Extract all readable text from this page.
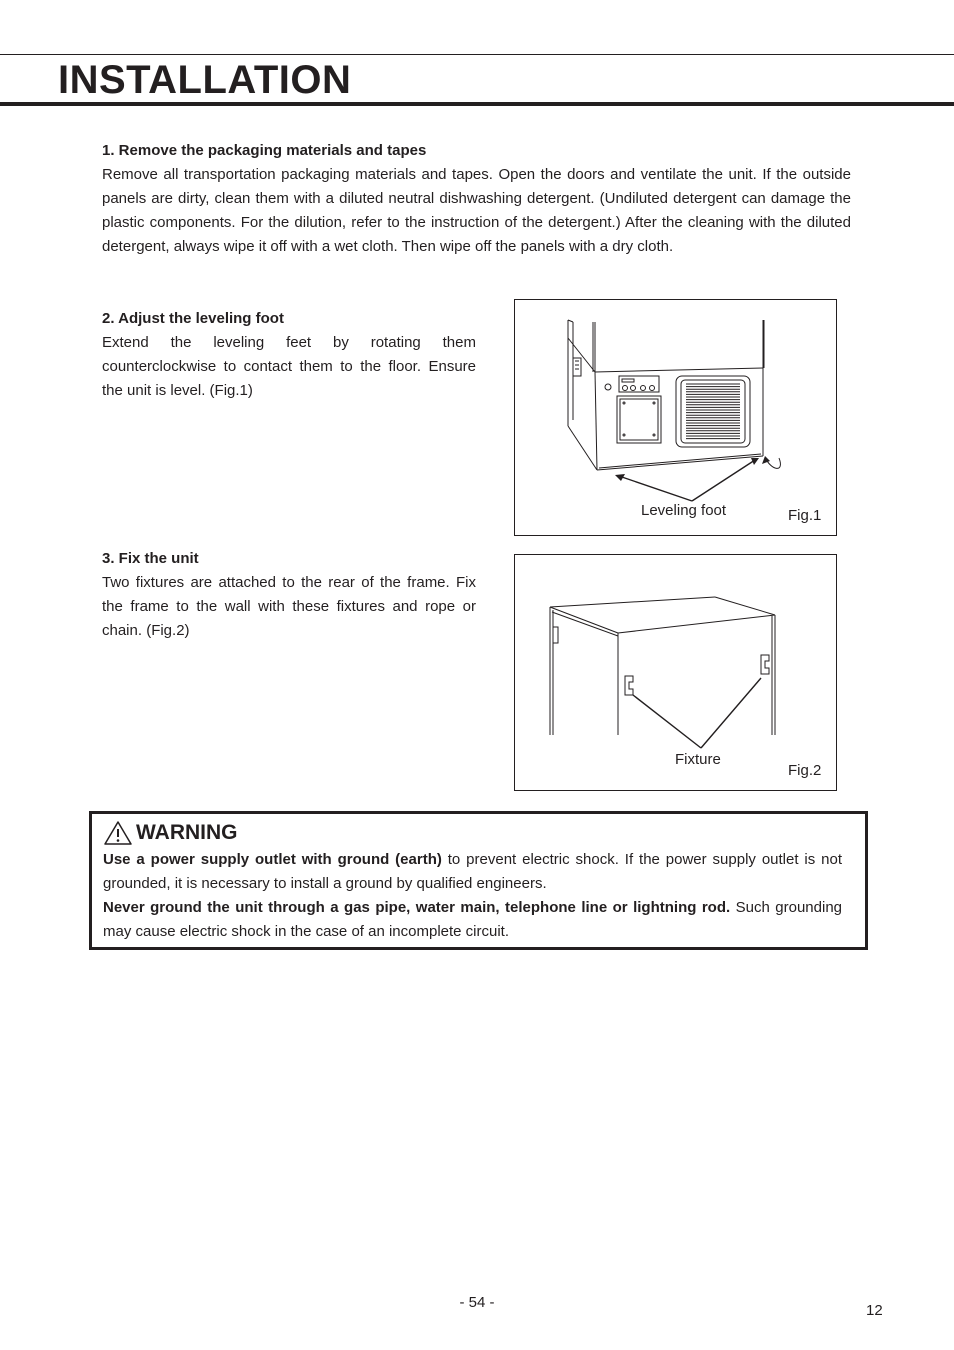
INSTALLATION
1. Remove the packaging materials and tapes
Remove all transportation packaging materials and tapes. Open the doors and ventilate the unit. If the outside panels are dirty, clean them with a diluted neutral dishwashing detergent. (Undiluted detergent can damage the plastic components. For the dilution, refer to the instruction of the detergent.) After the cleaning with the diluted detergent, always wipe it off with a wet cloth. Then wipe off the panels with a dry cloth.
2. Adjust the leveling foot
Extend the leveling feet by rotating them counterclockwise to contact them to the floor. Ensure the unit is level. (Fig.1)
Leveling foot	Fig.1
3. Fix the unit
Two fixtures are attached to the rear of the frame. Fix the frame to the wall with these fixtures and rope or chain. (Fig.2)
Fixture
Fig.2
WARNING
Use a power supply outlet with ground (earth) to prevent electric shock. If the power supply outlet is not grounded, it is necessary to install a ground by qualified engineers.
Never ground the unit through a gas pipe, water main, telephone line or lightning rod. Such grounding may cause electric shock in the case of an incomplete circuit.
- 54 -	12
